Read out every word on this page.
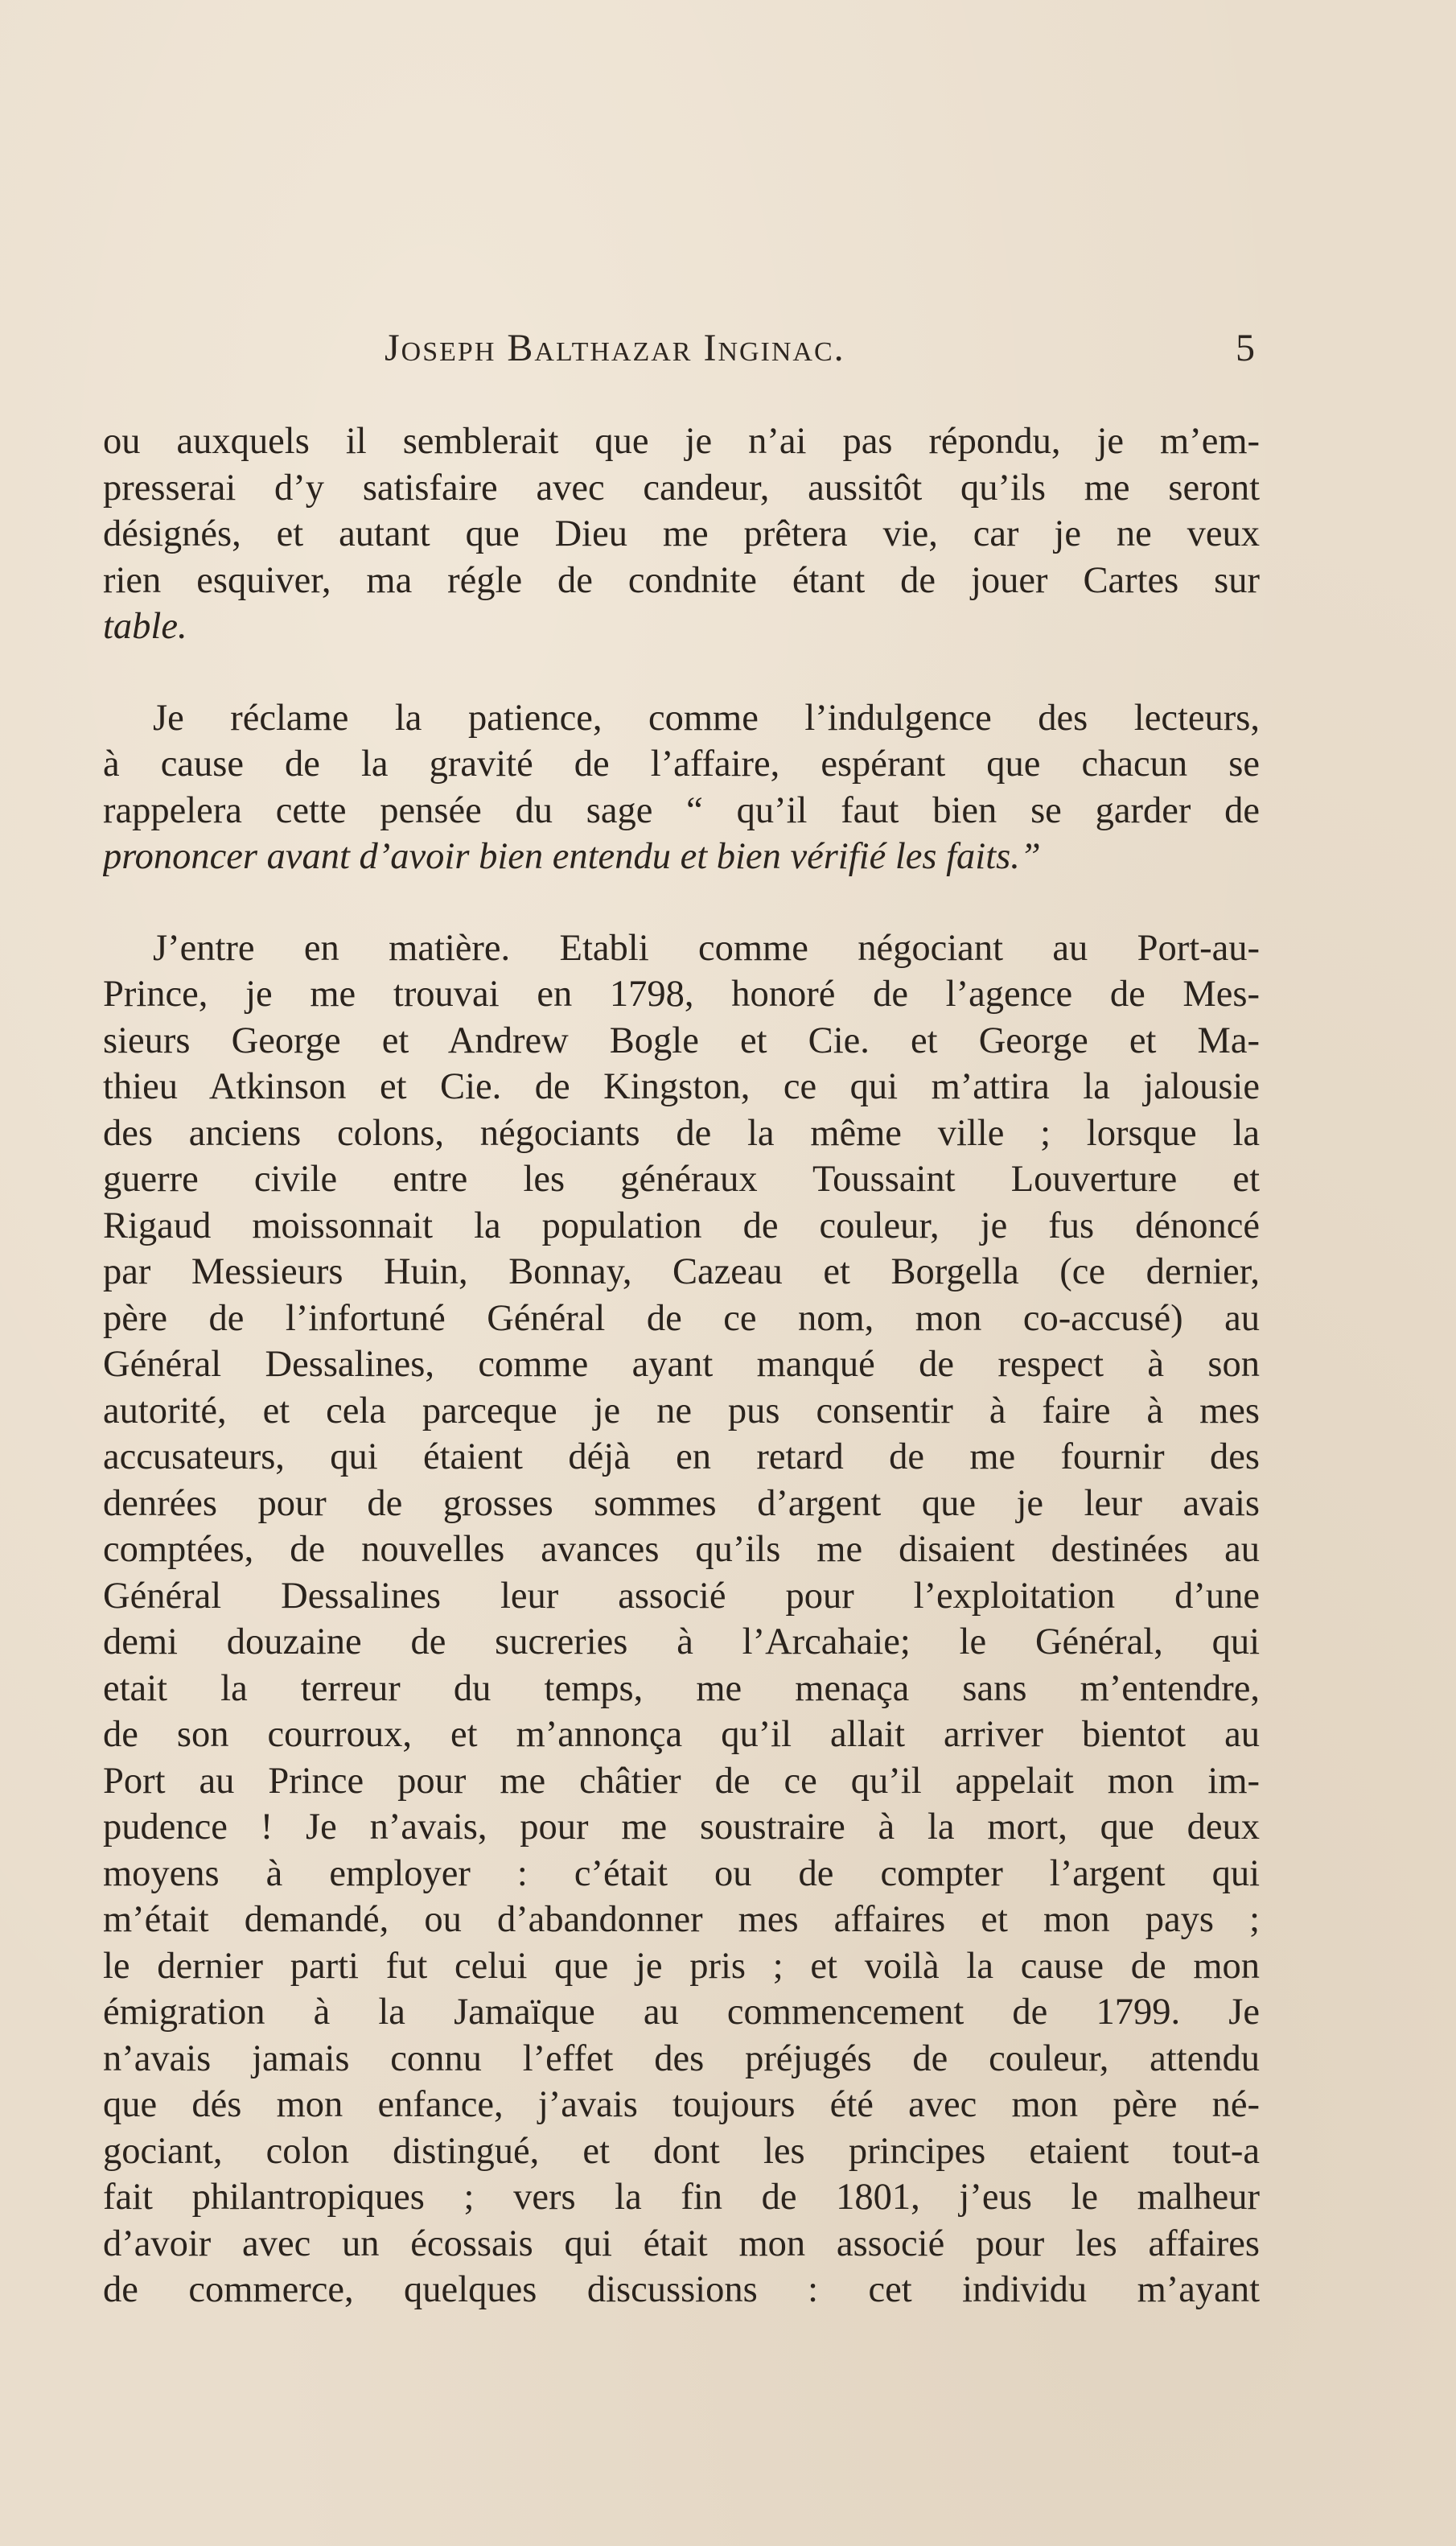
Joseph Balthazar Inginac.	5
ou auxquels il semblerait que je n’ai pas répondu, je m’em-
presserai d’y satisfaire avec candeur, aussitôt qu’ils me seront
désignés, et autant que Dieu me prêtera vie, car je ne veux
rien esquiver, ma régle de condnite étant de jouer Cartes sur
table.
Je réclame la patience, comme l’indulgence des lecteurs,
à cause de la gravité de l’affaire, espérant que chacun se
rappelera cette pensée du sage “ qu’il faut bien se garder de
prononcer avant d’avoir bien entendu et bien vérifié les faits.”
J’entre en matière. Etabli comme négociant au Port-au-
Prince, je me trouvai en 1798, honoré de l’agence de Mes-
sieurs George et Andrew Bogle et Cie. et George et Ma-
thieu Atkinson et Cie. de Kingston, ce qui m’attira la jalousie
des anciens colons, négociants de la même ville ; lorsque la
guerre civile entre les généraux Toussaint Louverture et
Rigaud moissonnait la population de couleur, je fus dénoncé
par Messieurs Huin, Bonnay, Cazeau et Borgella (ce dernier,
père de l’infortuné Général de ce nom, mon co-accusé) au
Général Dessalines, comme ayant manqué de respect à son
autorité, et cela parceque je ne pus consentir à faire à mes
accusateurs, qui étaient déjà en retard de me fournir des
denrées pour de grosses sommes d’argent que je leur avais
comptées, de nouvelles avances qu’ils me disaient destinées au
Général Dessalines leur associé pour l’exploitation d’une
demi douzaine de sucreries à l’Arcahaie; le Général, qui
etait la terreur du temps, me menaça sans m’entendre,
de son courroux, et m’annonça qu’il allait arriver bientot au
Port au Prince pour me châtier de ce qu’il appelait mon im-
pudence ! Je n’avais, pour me soustraire à la mort, que deux
moyens à employer : c’était ou de compter l’argent qui
m’était demandé, ou d’abandonner mes affaires et mon pays ;
le dernier parti fut celui que je pris ; et voilà la cause de mon
émigration à la Jamaïque au commencement de 1799. Je
n’avais jamais connu l’effet des préjugés de couleur, attendu
que dés mon enfance, j’avais toujours été avec mon père né-
gociant, colon distingué, et dont les principes etaient tout-a
fait philantropiques ; vers la fin de 1801, j’eus le malheur
d’avoir avec un écossais qui était mon associé pour les affaires
de commerce, quelques discussions : cet individu m’ayant
